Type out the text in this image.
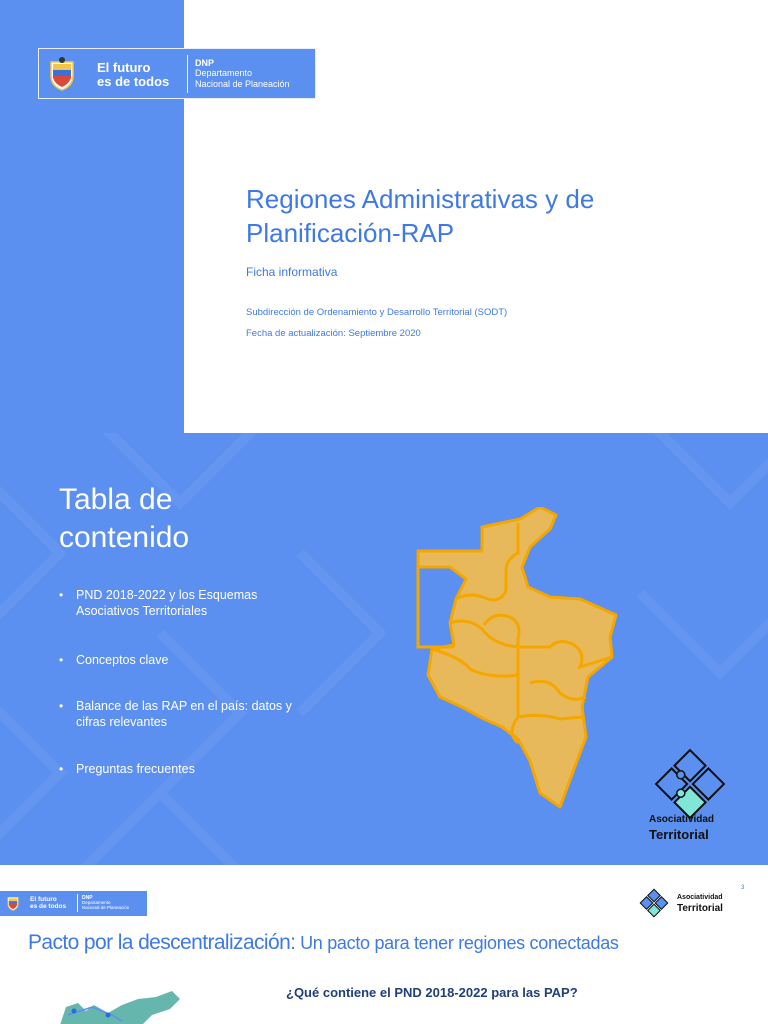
El futuro
es de todos
DNP
Departamento
Nacional de Planeación
Regiones Administrativas y de Planificación-RAP
Ficha informativa
Subdirección de Ordenamiento y Desarrollo Territorial (SODT)
Fecha de actualización: Septiembre 2020
Tabla de contenido
• PND 2018-2022 y los Esquemas Asociativos Territoriales
• Conceptos clave
• Balance de las RAP en el país: datos y cifras relevantes
• Preguntas frecuentes
Asociatividad
Territorial
El futuro
es de todos
DNP
Departamento
Nacional de Planeación
3
Asociatividad
Territorial
Pacto por la descentralización: Un pacto para tener regiones conectadas
¿Qué contiene el PND 2018-2022 para las PAP?
